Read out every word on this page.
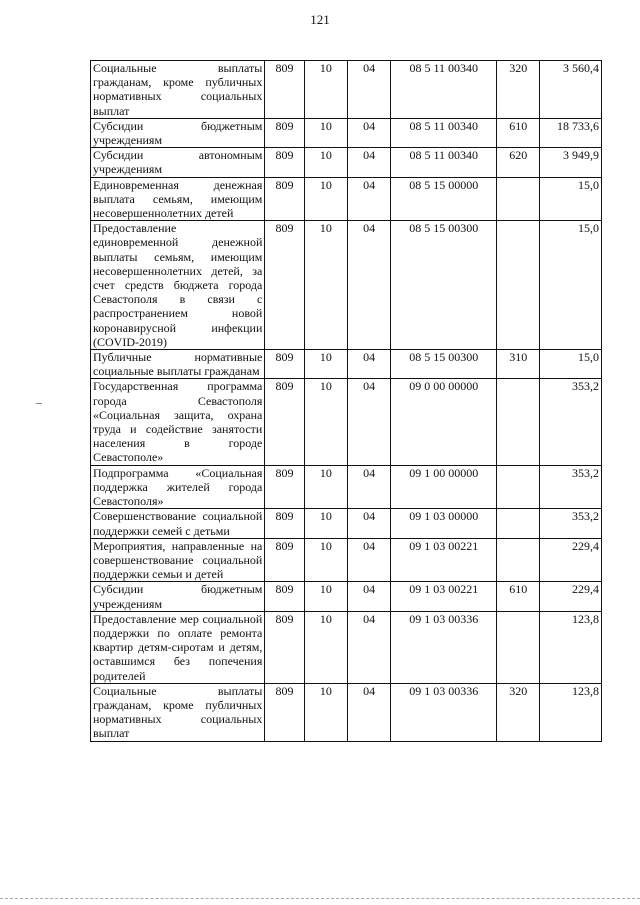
121
Социальные выплаты гражданам, кроме публичных нормативных социальных выплат	809	10	04	08 5 11 00340	320	3 560,4
Субсидии бюджетным учреждениям	809	10	04	08 5 11 00340	610	18 733,6
Субсидии автономным учреждениям	809	10	04	08 5 11 00340	620	3 949,9
Единовременная денежная выплата семьям, имеющим несовершеннолетних детей	809	10	04	08 5 15 00000		15,0
Предоставление единовременной денежной выплаты семьям, имеющим несовершеннолетних детей, за счет средств бюджета города Севастополя в связи с распространением новой коронавирусной инфекции (COVID-2019)	809	10	04	08 5 15 00300		15,0
Публичные нормативные социальные выплаты гражданам	809	10	04	08 5 15 00300	310	15,0
Государственная программа города Севастополя «Социальная защита, охрана труда и содействие занятости населения в городе Севастополе»	809	10	04	09 0 00 00000		353,2
Подпрограмма «Социальная поддержка жителей города Севастополя»	809	10	04	09 1 00 00000		353,2
Совершенствование социальной поддержки семей с детьми	809	10	04	09 1 03 00000		353,2
Мероприятия, направленные на совершенствование социальной поддержки семьи и детей	809	10	04	09 1 03 00221		229,4
Субсидии бюджетным учреждениям	809	10	04	09 1 03 00221	610	229,4
Предоставление мер социальной поддержки по оплате ремонта квартир детям-сиротам и детям, оставшимся без попечения родителей	809	10	04	09 1 03 00336		123,8
Социальные выплаты гражданам, кроме публичных нормативных социальных выплат	809	10	04	09 1 03 00336	320	123,8
